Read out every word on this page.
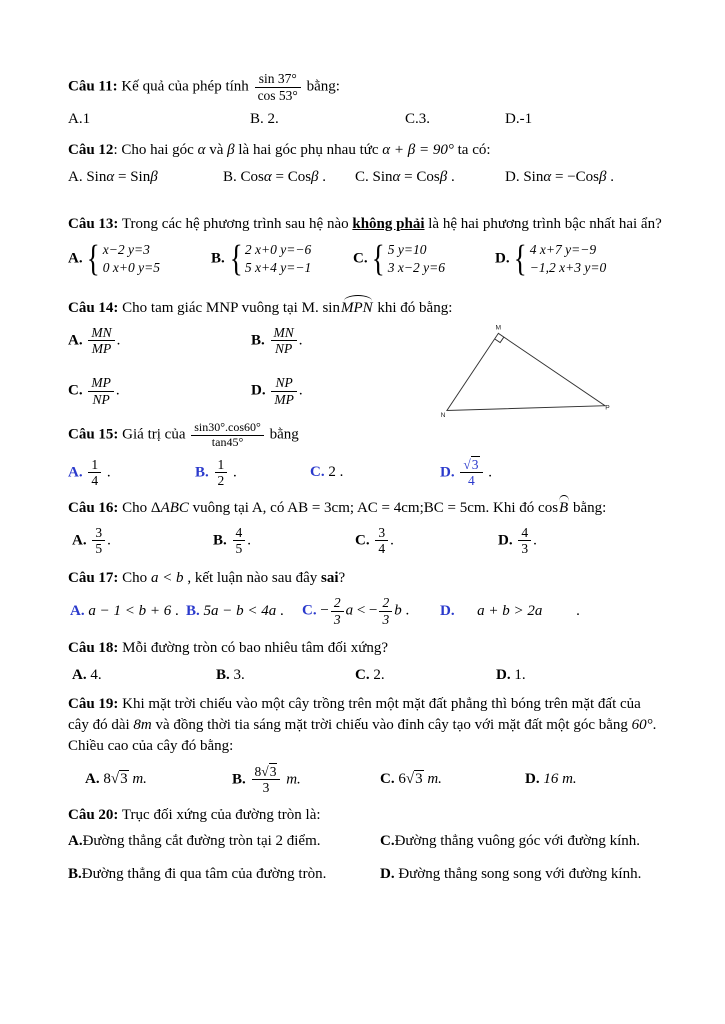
Câu 11: Kế quả của phép tính $\frac{\sin 37^\circ}{\cos 53^\circ}$ bằng:
A.1	B. 2.	C.3.	D.-1
Câu 12: Cho hai góc α và β là hai góc phụ nhau tức α + β = 90° ta có:
A. Sinα = Sinβ	B. Cosα = Cosβ .	C. Sinα = Cosβ .	D. Sinα = −Cosβ .
Câu 13: Trong các hệ phương trình sau hệ nào không phải là hệ hai phương trình bậc nhất hai ẩn?
A. { x−2 y=3
0 x+0 y=5
B. { 2 x+0 y=−6
5 x+4 y=−1
C. { 5 y=10
3 x−2 y=6
D. { 4 x+7 y=−9
−1,2 x+3 y=0
Câu 14: Cho tam giác MNP vuông tại M. sinMPN khi đó bằng:
A. $\frac{MN}{MP}$ .	B. $\frac{MN}{NP}$ .
C. $\frac{MP}{NP}$ .	D. $\frac{NP}{MP}$ .
M
N
P
Câu 15: Giá trị của $\frac{\sin 30^\circ.\cos 60^\circ}{\tan 45^\circ}$ bằng
A. $\frac{1}{4}$ .	B. $\frac{1}{2}$ .	C. 2 .	D. $\frac{√3}{4}$ .
Câu 16: Cho ΔABC vuông tại A, có AB = 3cm; AC = 4cm;BC = 5cm. Khi đó cosB bằng:
A. $\frac{3}{5}$ .	B. $\frac{4}{5}$ .	C. $\frac{3}{4}$ .	D. $\frac{4}{3}$ .
Câu 17: Cho a < b , kết luận nào sau đây sai?
A. a − 1 < b + 6 . B. 5a − b < 4a .	C. − $\frac{2}{3}$ a < − $\frac{2}{3}$ b .	D. a + b > 2a         .
Câu 18: Mỗi đường tròn có bao nhiêu tâm đối xứng?
A. 4.	B. 3.	C. 2.	D. 1.
Câu 19: Khi mặt trời chiếu vào một cây trồng trên một mặt đất phẳng thì bóng trên mặt đất của cây đó dài 8m và đồng thời tia sáng mặt trời chiếu vào đỉnh cây tạo với mặt đất một góc bằng 60°. Chiều cao của cây đó bằng:
A. 8√3 m.	B. $\frac{8√3}{3} m$.	C. 6√3 m.	D. 16 m.
Câu 20: Trục đối xứng của đường tròn là:
A.Đường thẳng cắt đường tròn tại 2 điểm.	C.Đường thẳng vuông góc với đường kính.
B.Đường thẳng đi qua tâm của đường tròn.	D. Đường thẳng song song với đường kính.
